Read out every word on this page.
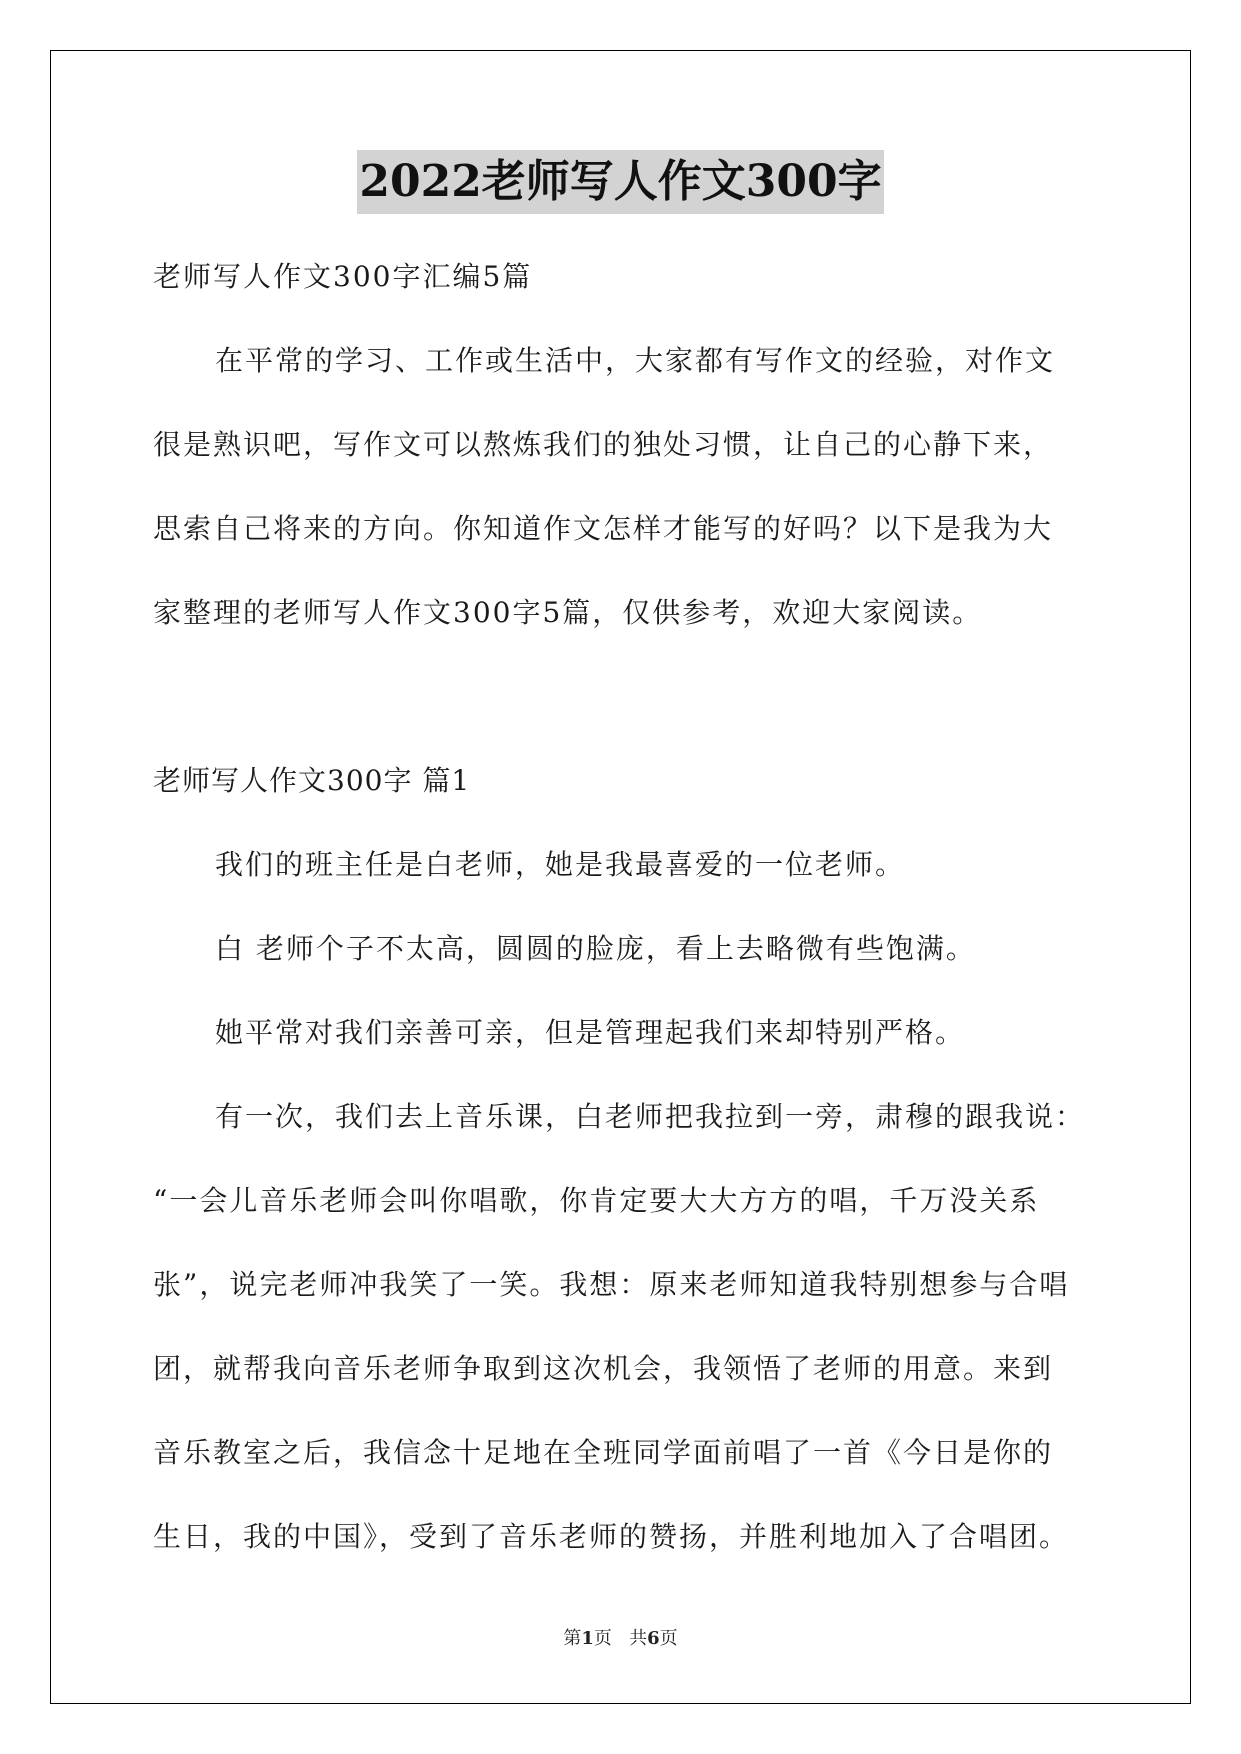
2022老师写人作文300字
老师写人作文300字汇编5篇
在平常的学习、工作或生活中，大家都有写作文的经验，对作文
很是熟识吧，写作文可以熬炼我们的独处习惯，让自己的心静下来，
思索自己将来的方向。你知道作文怎样才能写的好吗？以下是我为大
家整理的老师写人作文300字5篇，仅供参考，欢迎大家阅读。
老师写人作文300字 篇1
我们的班主任是白老师，她是我最喜爱的一位老师。
白 老师个子不太高，圆圆的脸庞，看上去略微有些饱满。
她平常对我们亲善可亲，但是管理起我们来却特别严格。
有一次，我们去上音乐课，白老师把我拉到一旁，肃穆的跟我说：
“一会儿音乐老师会叫你唱歌，你肯定要大大方方的唱，千万没关系
张”，说完老师冲我笑了一笑。我想：原来老师知道我特别想参与合唱
团，就帮我向音乐老师争取到这次机会，我领悟了老师的用意。来到
音乐教室之后，我信念十足地在全班同学面前唱了一首《今日是你的
生日，我的中国》，受到了音乐老师的赞扬，并胜利地加入了合唱团。
第1页 共6页
